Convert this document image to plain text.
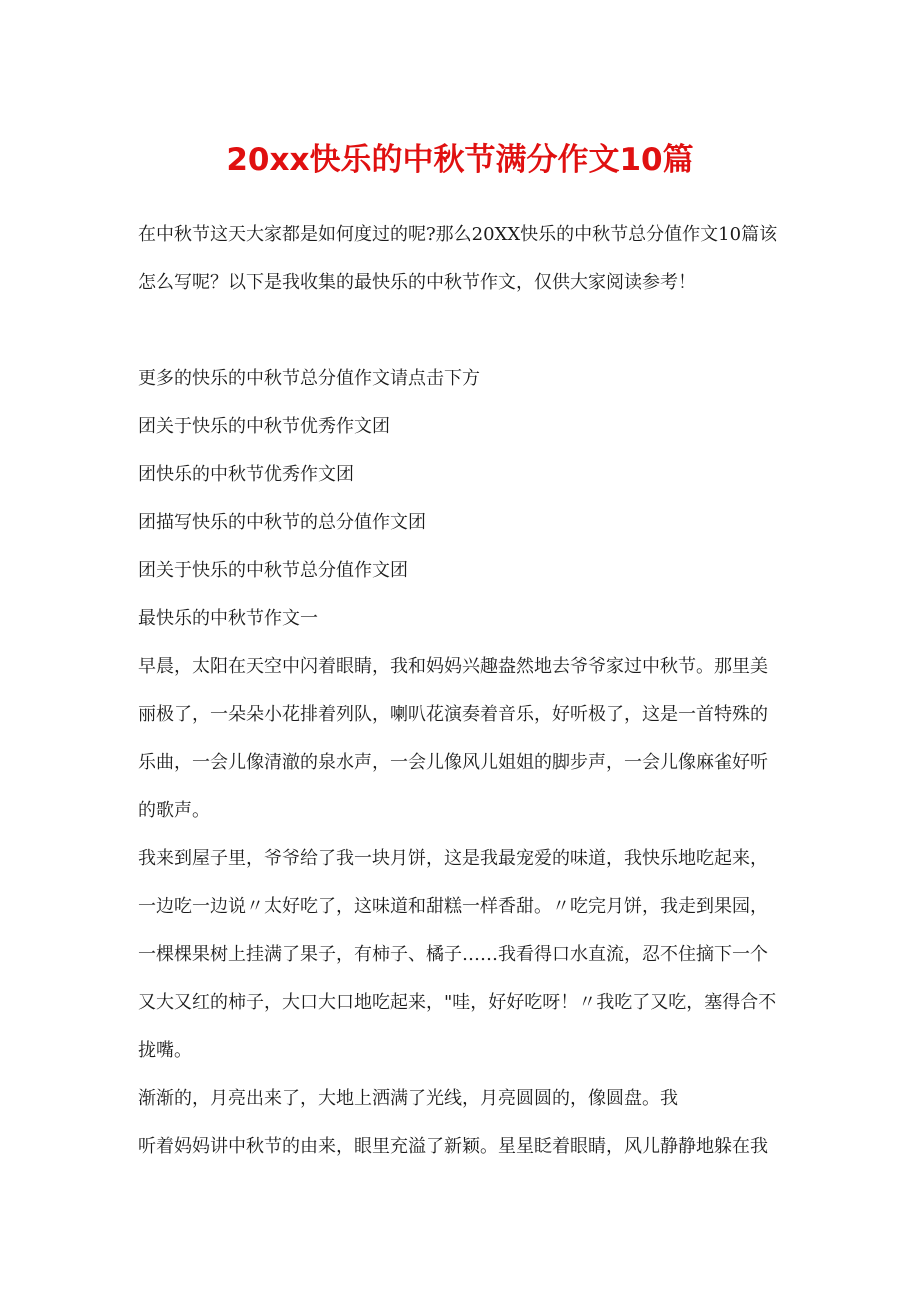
20xx快乐的中秋节满分作文10篇

在中秋节这天大家都是如何度过的呢?那么20XX快乐的中秋节总分值作文10篇该

怎么写呢？以下是我收集的最快乐的中秋节作文，仅供大家阅读参考！

更多的快乐的中秋节总分值作文请点击下方

团关于快乐的中秋节优秀作文团

团快乐的中秋节优秀作文团

团描写快乐的中秋节的总分值作文团

团关于快乐的中秋节总分值作文团

最快乐的中秋节作文一

早晨，太阳在天空中闪着眼睛，我和妈妈兴趣盎然地去爷爷家过中秋节。那里美

丽极了，一朵朵小花排着列队，喇叭花演奏着音乐，好听极了，这是一首特殊的

乐曲，一会儿像清澈的泉水声，一会儿像风儿姐姐的脚步声，一会儿像麻雀好听

的歌声。

我来到屋子里，爷爷给了我一块月饼，这是我最宠爱的味道，我快乐地吃起来，

一边吃一边说〃太好吃了，这味道和甜糕一样香甜。〃吃完月饼，我走到果园，

一棵棵果树上挂满了果子，有柿子、橘子……我看得口水直流，忍不住摘下一个

又大又红的柿子，大口大口地吃起来，"哇，好好吃呀！〃我吃了又吃，塞得合不

拢嘴。

渐渐的，月亮出来了，大地上洒满了光线，月亮圆圆的，像圆盘。我

听着妈妈讲中秋节的由来，眼里充溢了新颖。星星眨着眼睛，风儿静静地躲在我
